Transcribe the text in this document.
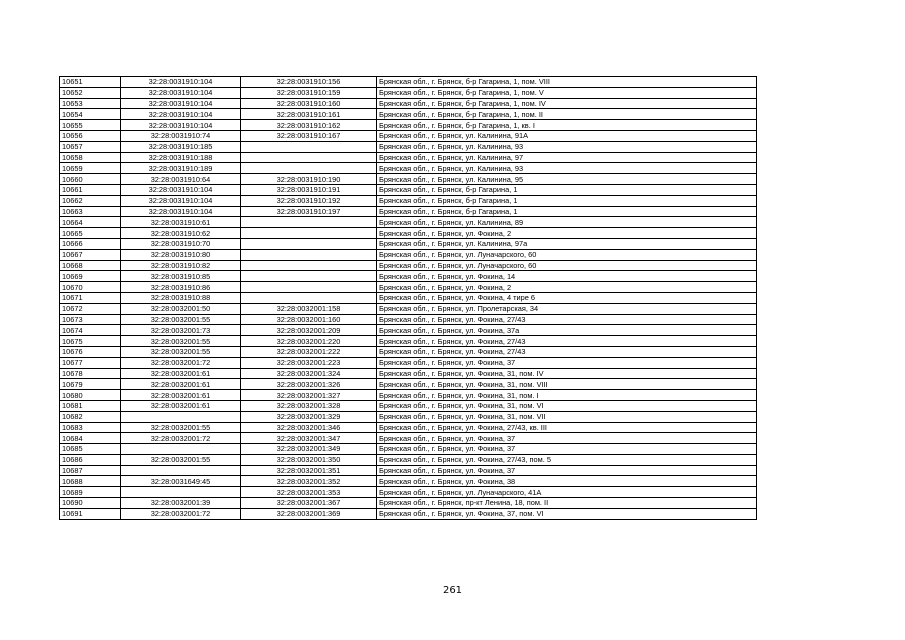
10651	32:28:0031910:104	32:28:0031910:156	Брянская обл., г. Брянск, б-р Гагарина, 1, пом. VIII
10652	32:28:0031910:104	32:28:0031910:159	Брянская обл., г. Брянск, б-р Гагарина, 1, пом. V
10653	32:28:0031910:104	32:28:0031910:160	Брянская обл., г. Брянск, б-р Гагарина, 1, пом. IV
10654	32:28:0031910:104	32:28:0031910:161	Брянская обл., г. Брянск, б-р Гагарина, 1, пом. II
10655	32:28:0031910:104	32:28:0031910:162	Брянская обл., г. Брянск, б-р Гагарина, 1, кв. I
10656	32:28:0031910:74	32:28:0031910:167	Брянская обл., г. Брянск, ул. Калинина, 91А
10657	32:28:0031910:185		Брянская обл., г. Брянск, ул. Калинина, 93
10658	32:28:0031910:188		Брянская обл., г. Брянск, ул. Калинина, 97
10659	32:28:0031910:189		Брянская обл., г. Брянск, ул. Калинина, 93
10660	32:28:0031910:64	32:28:0031910:190	Брянская обл., г. Брянск, ул. Калинина, 95
10661	32:28:0031910:104	32:28:0031910:191	Брянская обл., г. Брянск, б-р Гагарина, 1
10662	32:28:0031910:104	32:28:0031910:192	Брянская обл., г. Брянск, б-р Гагарина, 1
10663	32:28:0031910:104	32:28:0031910:197	Брянская обл., г. Брянск, б-р Гагарина, 1
10664	32:28:0031910:61		Брянская обл., г. Брянск, ул. Калинина, 89
10665	32:28:0031910:62		Брянская обл., г. Брянск, ул. Фокина, 2
10666	32:28:0031910:70		Брянская обл., г. Брянск, ул. Калинина, 97а
10667	32:28:0031910:80		Брянская обл., г. Брянск, ул. Луначарского, 60
10668	32:28:0031910:82		Брянская обл., г. Брянск, ул. Луначарского, 60
10669	32:28:0031910:85		Брянская обл., г. Брянск, ул. Фокина, 14
10670	32:28:0031910:86		Брянская обл., г. Брянск, ул. Фокина, 2
10671	32:28:0031910:88		Брянская обл., г. Брянск, ул. Фокина, 4 тире 6
10672	32:28:0032001:50	32:28:0032001:158	Брянская обл., г. Брянск, ул. Пролетарская, 34
10673	32:28:0032001:55	32:28:0032001:160	Брянская обл., г. Брянск, ул. Фокина, 27/43
10674	32:28:0032001:73	32:28:0032001:209	Брянская обл., г. Брянск, ул. Фокина, 37а
10675	32:28:0032001:55	32:28:0032001:220	Брянская обл., г. Брянск, ул. Фокина, 27/43
10676	32:28:0032001:55	32:28:0032001:222	Брянская обл., г. Брянск, ул. Фокина, 27/43
10677	32:28:0032001:72	32:28:0032001:223	Брянская обл., г. Брянск, ул. Фокина, 37
10678	32:28:0032001:61	32:28:0032001:324	Брянская обл., г. Брянск, ул. Фокина, 31, пом. IV
10679	32:28:0032001:61	32:28:0032001:326	Брянская обл., г. Брянск, ул. Фокина, 31, пом. VIII
10680	32:28:0032001:61	32:28:0032001:327	Брянская обл., г. Брянск, ул. Фокина, 31, пом. I
10681	32:28:0032001:61	32:28:0032001:328	Брянская обл., г. Брянск, ул. Фокина, 31, пом. VI
10682		32:28:0032001:329	Брянская обл., г. Брянск, ул. Фокина, 31, пом. VII
10683	32:28:0032001:55	32:28:0032001:346	Брянская обл., г. Брянск, ул. Фокина, 27/43, кв. III
10684	32:28:0032001:72	32:28:0032001:347	Брянская обл., г. Брянск, ул. Фокина, 37
10685		32:28:0032001:349	Брянская обл., г. Брянск, ул. Фокина, 37
10686	32:28:0032001:55	32:28:0032001:350	Брянская обл., г. Брянск, ул. Фокина, 27/43, пом. 5
10687		32:28:0032001:351	Брянская обл., г. Брянск, ул. Фокина, 37
10688	32:28:0031649:45	32:28:0032001:352	Брянская обл., г. Брянск, ул. Фокина, 38
10689		32:28:0032001:353	Брянская обл., г. Брянск, ул. Луначарского, 41А
10690	32:28:0032001:39	32:28:0032001:367	Брянская обл., г. Брянск, пр-кт Ленина, 18, пом. II
10691	32:28:0032001:72	32:28:0032001:369	Брянская обл., г. Брянск, ул. Фокина, 37, пом. VI
261
